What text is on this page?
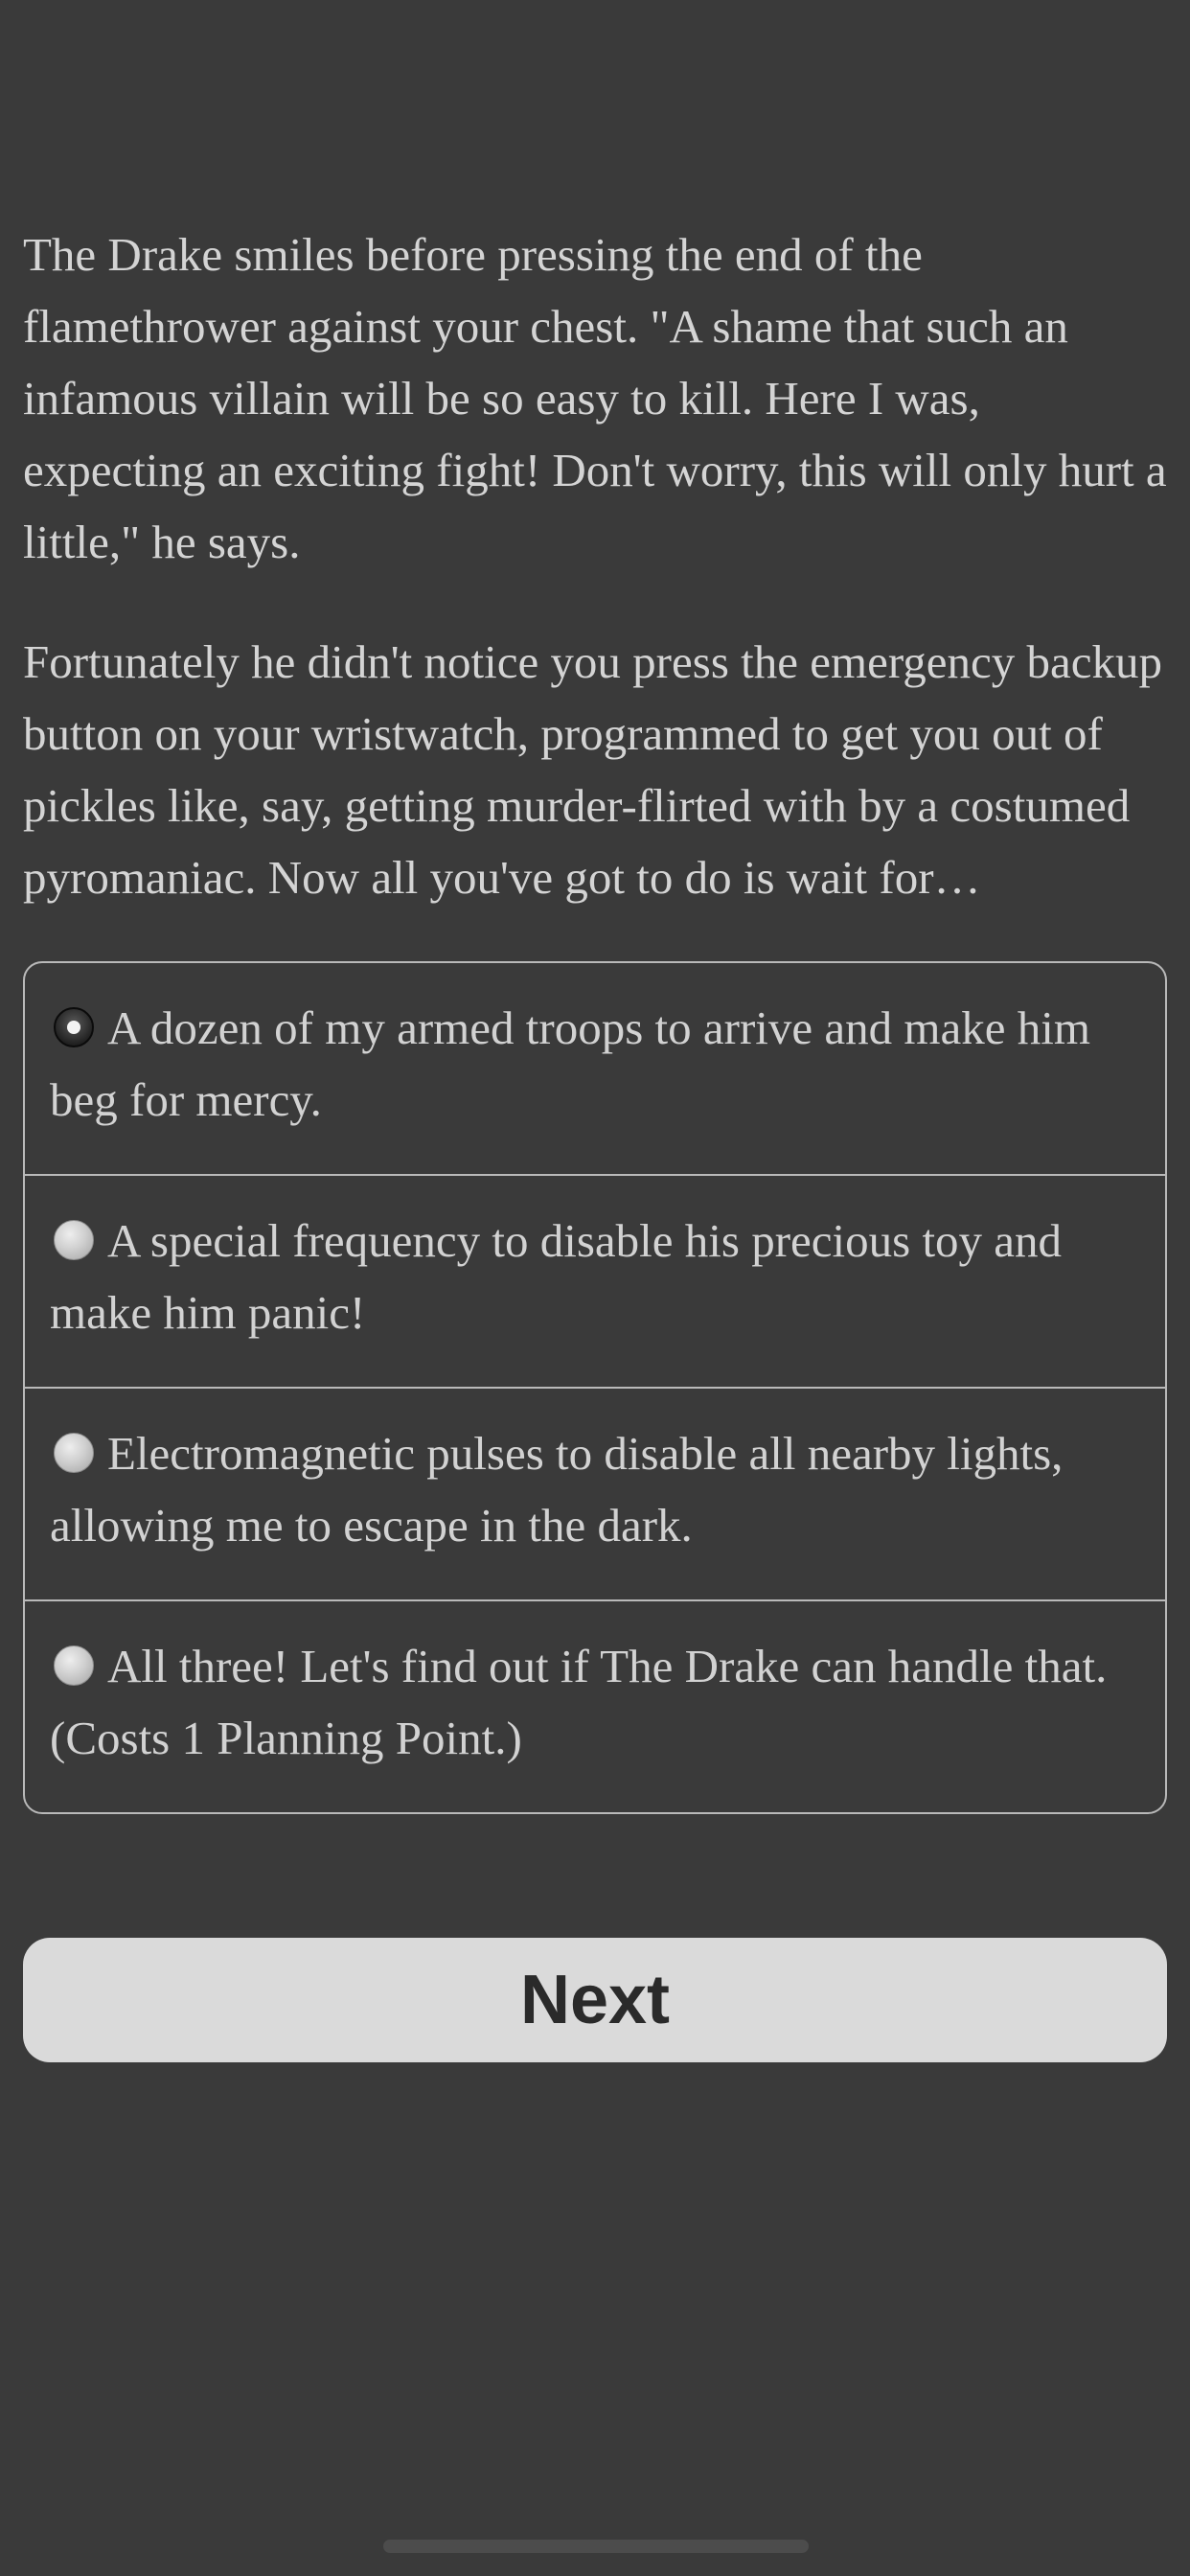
The Drake smiles before pressing the end of the flamethrower against your chest. "A shame that such an infamous villain will be so easy to kill. Here I was, expecting an exciting fight! Don't worry, this will only hurt a little," he says.

Fortunately he didn't notice you press the emergency backup button on your wristwatch, programmed to get you out of pickles like, say, getting murder-flirted with by a costumed pyromaniac. Now all you've got to do is wait for…

A dozen of my armed troops to arrive and make him beg for mercy.
A special frequency to disable his precious toy and make him panic!
Electromagnetic pulses to disable all nearby lights, allowing me to escape in the dark.
All three! Let's find out if The Drake can handle that. (Costs 1 Planning Point.)
Next
